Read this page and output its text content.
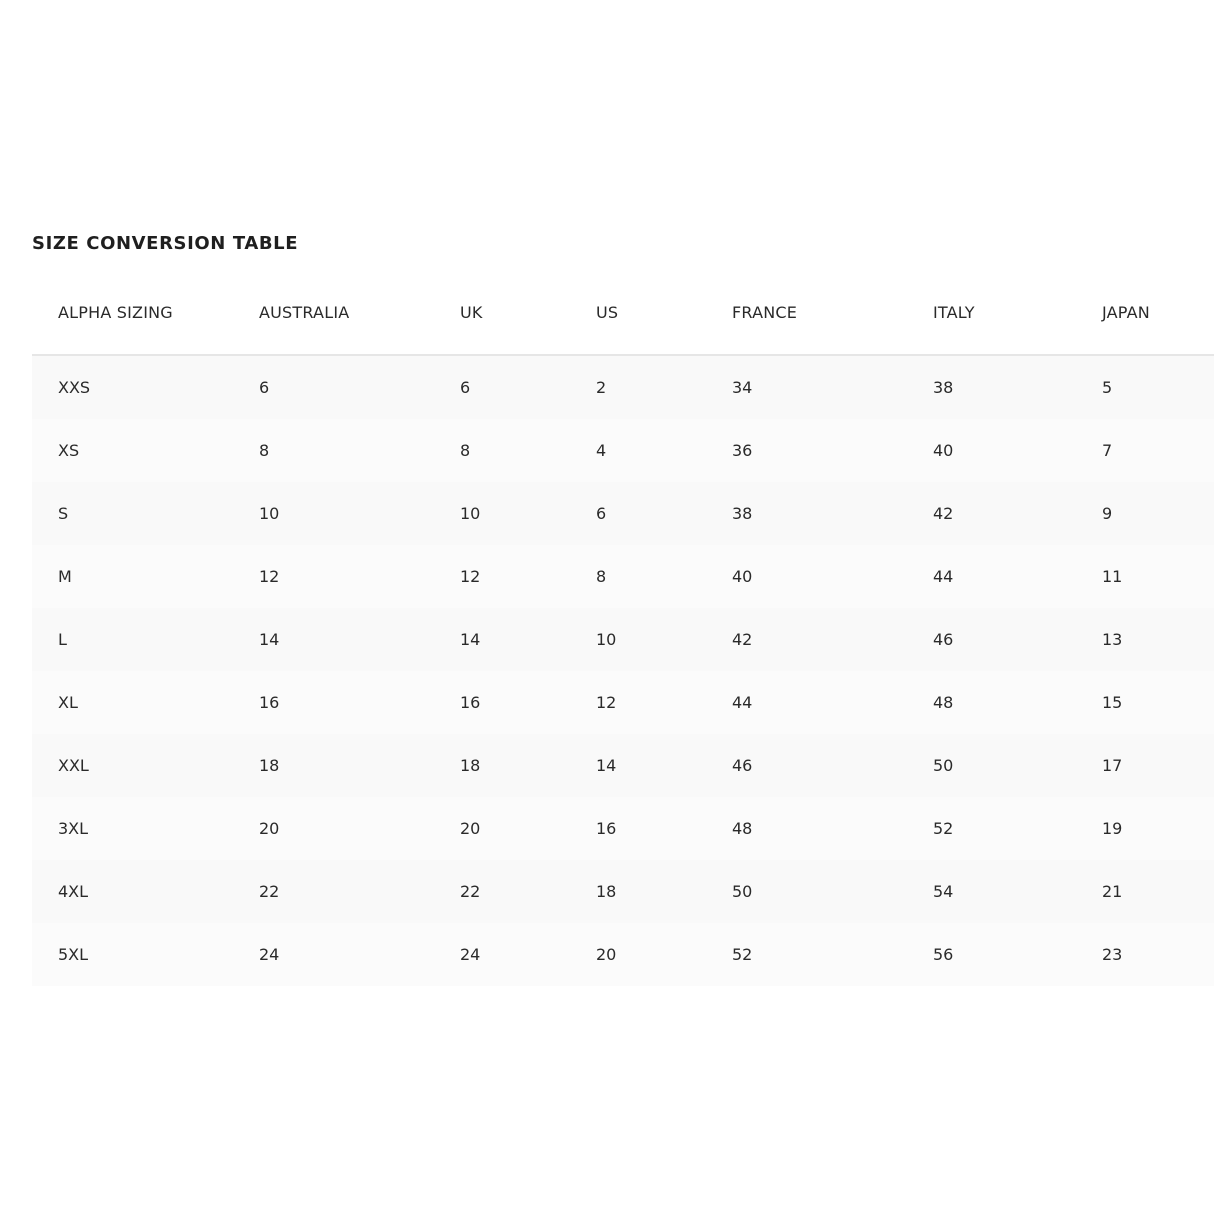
SIZE CONVERSION TABLE
ALPHA SIZING	AUSTRALIA	UK	US	FRANCE	ITALY	JAPAN
XXS	6	6	2	34	38	5
XS	8	8	4	36	40	7
S	10	10	6	38	42	9
M	12	12	8	40	44	11
L	14	14	10	42	46	13
XL	16	16	12	44	48	15
XXL	18	18	14	46	50	17
3XL	20	20	16	48	52	19
4XL	22	22	18	50	54	21
5XL	24	24	20	52	56	23
